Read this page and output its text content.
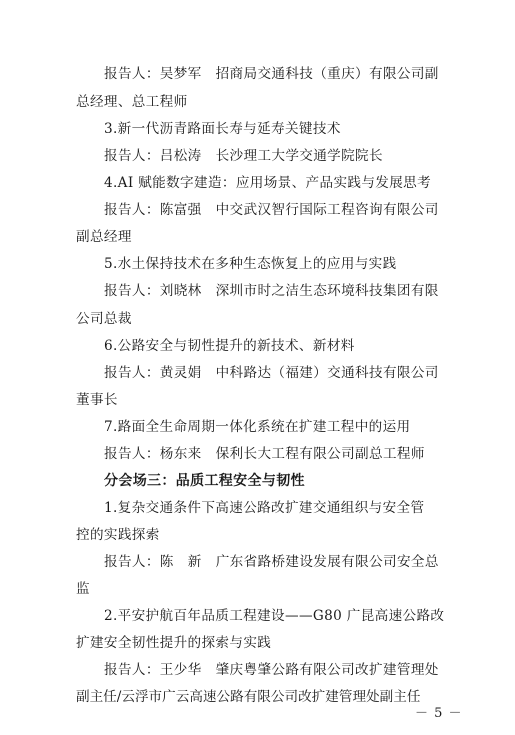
报告人：吴梦军   招商局交通科技（重庆）有限公司副
总经理、总工程师
3.新一代沥青路面长寿与延寿关键技术
报告人：吕松涛   长沙理工大学交通学院院长
4.AI 赋能数字建造：应用场景、产品实践与发展思考
报告人：陈富强   中交武汉智行国际工程咨询有限公司
副总经理
5.水土保持技术在多种生态恢复上的应用与实践
报告人：刘晓林   深圳市时之洁生态环境科技集团有限
公司总裁
6.公路安全与韧性提升的新技术、新材料
报告人：黄灵娟   中科路达（福建）交通科技有限公司
董事长
7.路面全生命周期一体化系统在扩建工程中的运用
报告人：杨东来   保利长大工程有限公司副总工程师
分会场三：品质工程安全与韧性
1.复杂交通条件下高速公路改扩建交通组织与安全管
控的实践探索
报告人：陈   新   广东省路桥建设发展有限公司安全总
监
2.平安护航百年品质工程建设——G80 广昆高速公路改
扩建安全韧性提升的探索与实践
报告人：王少华   肇庆粤肇公路有限公司改扩建管理处
副主任/云浮市广云高速公路有限公司改扩建管理处副主任
－ 5 －
